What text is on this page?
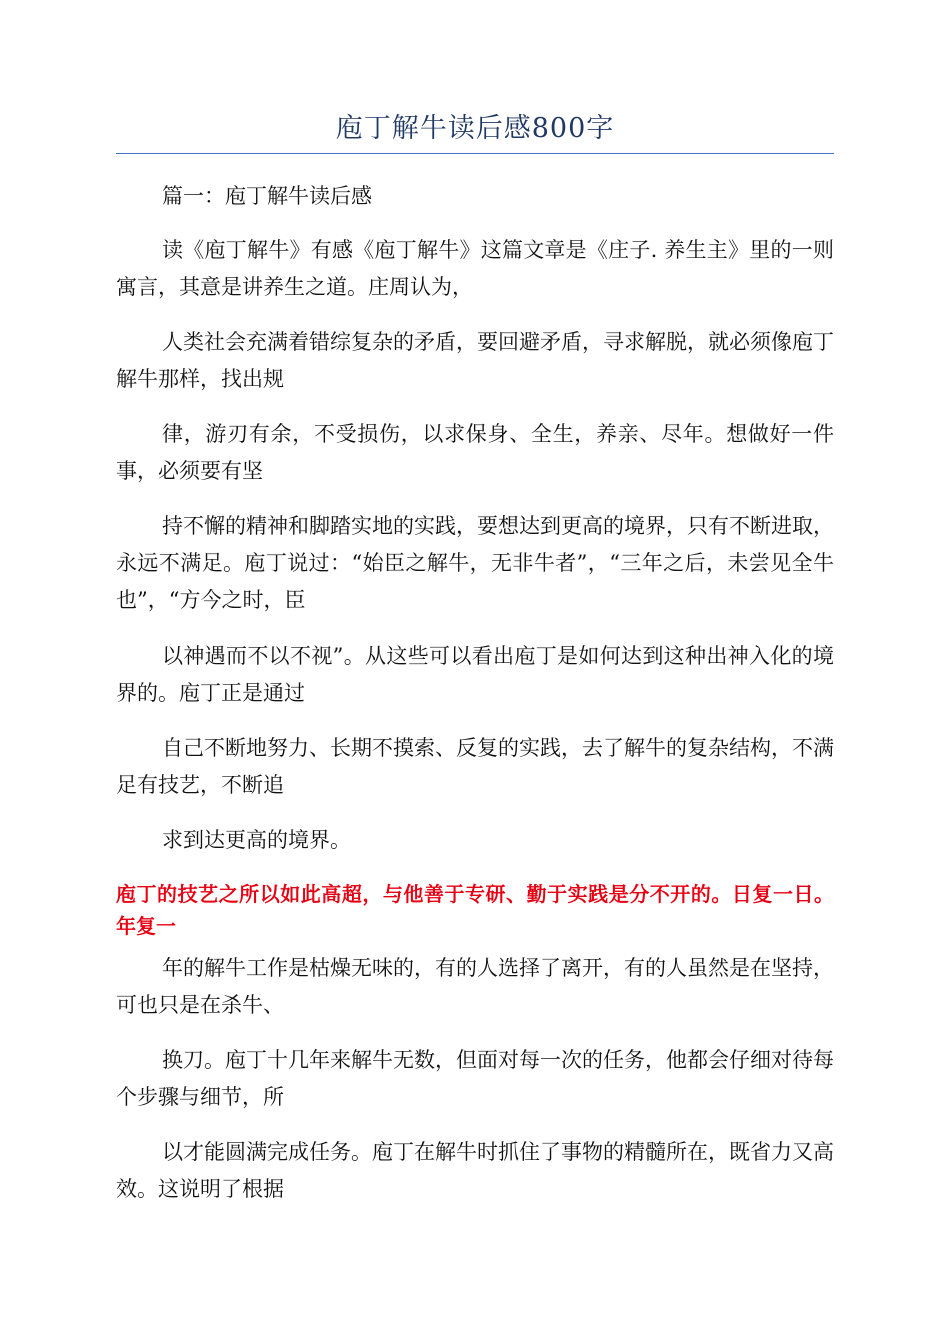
庖丁解牛读后感800字

篇一：庖丁解牛读后感

读《庖丁解牛》有感《庖丁解牛》这篇文章是《庄子. 养生主》里的一则寓言，其意是讲养生之道。庄周认为，

人类社会充满着错综复杂的矛盾，要回避矛盾，寻求解脱，就必须像庖丁解牛那样，找出规

律，游刃有余，不受损伤，以求保身、全生，养亲、尽年。想做好一件事，必须要有坚

持不懈的精神和脚踏实地的实践，要想达到更高的境界，只有不断进取，永远不满足。庖丁说过：“始臣之解牛，无非牛者”，“三年之后，未尝见全牛也”，“方今之时，臣

以神遇而不以不视”。从这些可以看出庖丁是如何达到这种出神入化的境界的。庖丁正是通过

自己不断地努力、长期不摸索、反复的实践，去了解牛的复杂结构，不满足有技艺，不断追

求到达更高的境界。

庖丁的技艺之所以如此高超，与他善于专研、勤于实践是分不开的。日复一日。年复一

年的解牛工作是枯燥无味的，有的人选择了离开，有的人虽然是在坚持，可也只是在杀牛、

换刀。庖丁十几年来解牛无数，但面对每一次的任务，他都会仔细对待每个步骤与细节，所

以才能圆满完成任务。庖丁在解牛时抓住了事物的精髓所在，既省力又高效。这说明了根据
